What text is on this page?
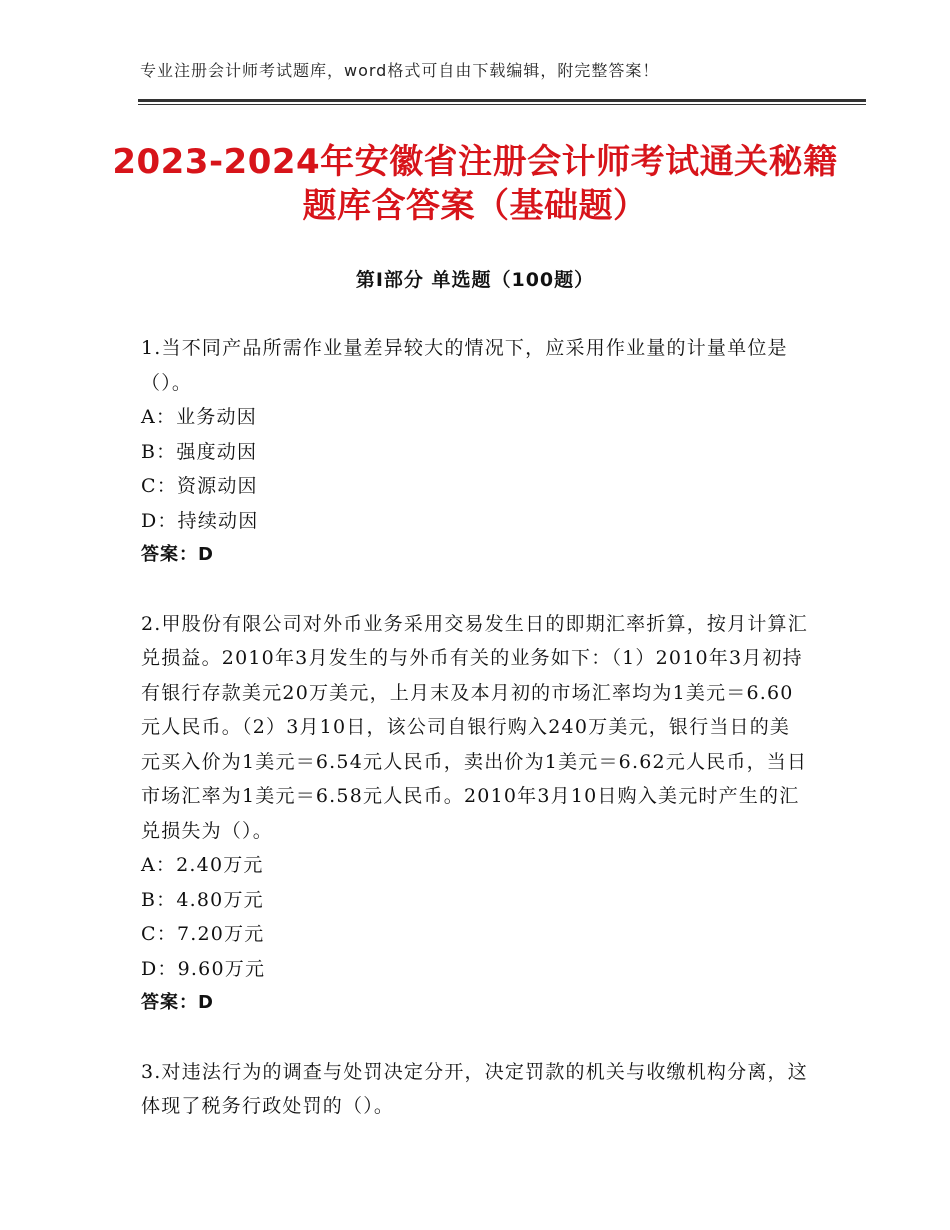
专业注册会计师考试题库，word格式可自由下载编辑，附完整答案！
2023-2024年安徽省注册会计师考试通关秘籍题库含答案（基础题）
第Ⅰ部分 单选题（100题）

1.当不同产品所需作业量差异较大的情况下，应采用作业量的计量单位是（）。

A：业务动因

B：强度动因

C：资源动因

D：持续动因

答案：D

2.甲股份有限公司对外币业务采用交易发生日的即期汇率折算，按月计算汇兑损益。2010年3月发生的与外币有关的业务如下：（1）2010年3月初持有银行存款美元20万美元，上月末及本月初的市场汇率均为1美元＝6.60元人民币。（2）3月10日，该公司自银行购入240万美元，银行当日的美元买入价为1美元＝6.54元人民币，卖出价为1美元＝6.62元人民币，当日市场汇率为1美元＝6.58元人民币。2010年3月10日购入美元时产生的汇兑损失为（）。

A：2.40万元

B：4.80万元

C：7.20万元

D：9.60万元

答案：D

3.对违法行为的调查与处罚决定分开，决定罚款的机关与收缴机构分离，这体现了税务行政处罚的（）。
